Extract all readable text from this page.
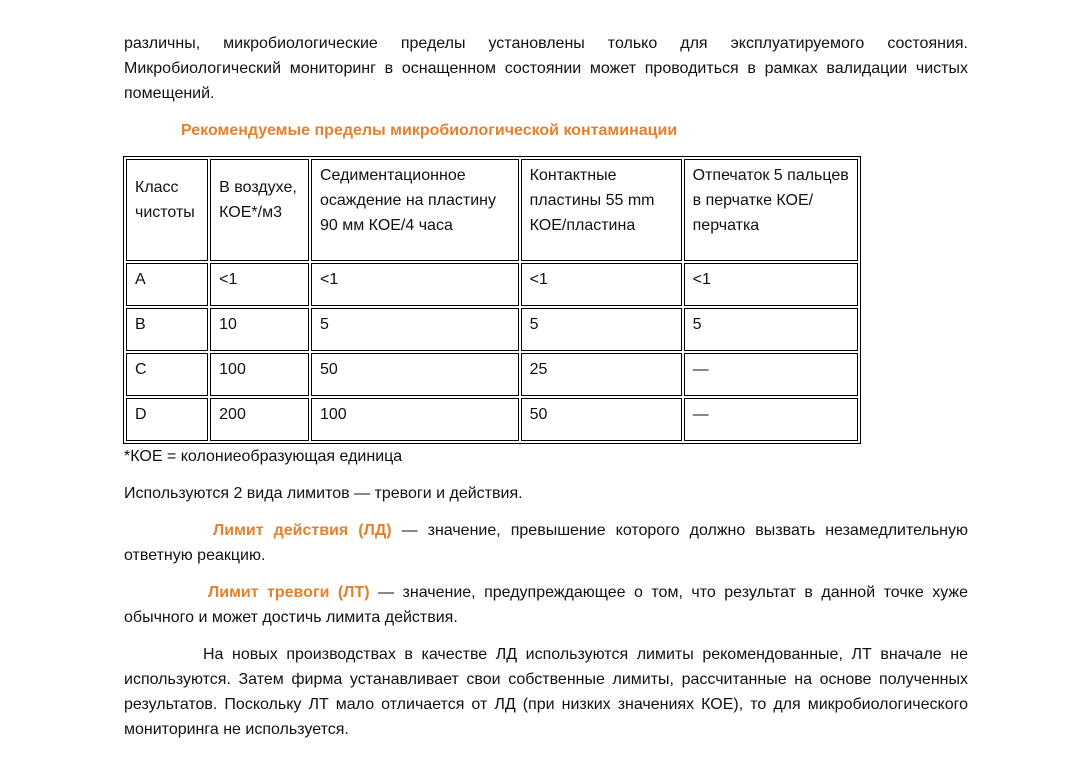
различны, микробиологические пределы установлены только для эксплуатируемого состояния. Микробиологический мониторинг в оснащенном состоянии может проводиться в рамках валидации чистых помещений.

Рекомендуемые пределы микробиологической контаминации

Класс чистоты	В воздухе, КОЕ*/м3	Седиментационное осаждение на пластину 90 мм КОЕ/4 часа	Контактные пластины 55 mm КОЕ/пластина	Отпечаток 5 пальцев в перчатке КОЕ/перчатка
A	<1	<1	<1	<1
B	10	5	5	5
C	100	50	25	—
D	200	100	50	—

*КОЕ = колониеобразующая единица

Используются 2 вида лимитов — тревоги и действия.

Лимит действия (ЛД) — значение, превышение которого должно вызвать незамедлительную ответную реакцию.

Лимит тревоги (ЛТ) — значение, предупреждающее о том, что результат в данной точке хуже обычного и может достичь лимита действия.

На новых производствах в качестве ЛД используются лимиты рекомендованные, ЛТ вначале не используются. Затем фирма устанавливает свои собственные лимиты, рассчитанные на основе полученных результатов. Поскольку ЛТ мало отличается от ЛД (при низких значениях КОЕ), то для микробиологического мониторинга не используется.
